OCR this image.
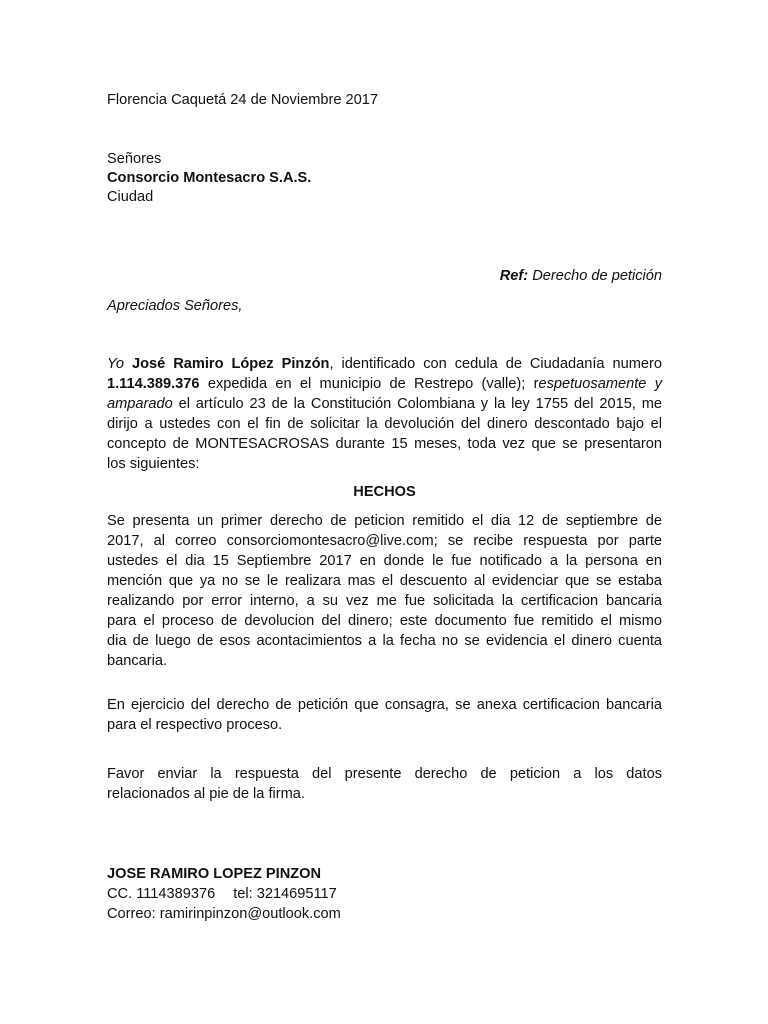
Florencia Caquetá 24 de Noviembre 2017
Señores
Consorcio Montesacro S.A.S.
Ciudad
Ref: Derecho de petición
Apreciados Señores,
Yo José Ramiro López Pinzón, identificado con cedula de Ciudadanía numero
1.114.389.376 expedida en el municipio de Restrepo (valle); respetuosamente y
amparado el artículo 23 de la Constitución Colombiana y la ley 1755 del 2015, me
dirijo a ustedes con el fin de solicitar la devolución del dinero descontado bajo el
concepto de MONTESACROSAS durante 15 meses, toda vez que se presentaron
los siguientes:
HECHOS
Se presenta un primer derecho de peticion remitido el dia 12 de septiembre de
2017, al correo consorciomontesacro@live.com; se recibe respuesta por parte
ustedes el dia 15 Septiembre 2017 en donde le fue notificado a la persona en
mención que ya no se le realizara mas el descuento al evidenciar que se estaba
realizando por error interno, a su vez me fue solicitada la certificacion bancaria
para el proceso de devolucion del dinero; este documento fue remitido el mismo
dia de luego de esos acontacimientos a la fecha no se evidencia el dinero cuenta
bancaria.
En ejercicio del derecho de petición que consagra, se anexa certificacion bancaria
para el respectivo proceso.
Favor enviar la respuesta del presente derecho de peticion a los datos
relacionados al pie de la firma.
JOSE RAMIRO LOPEZ PINZON
CC. 1114389376 tel: 3214695117
Correo: ramirinpinzon@outlook.com
